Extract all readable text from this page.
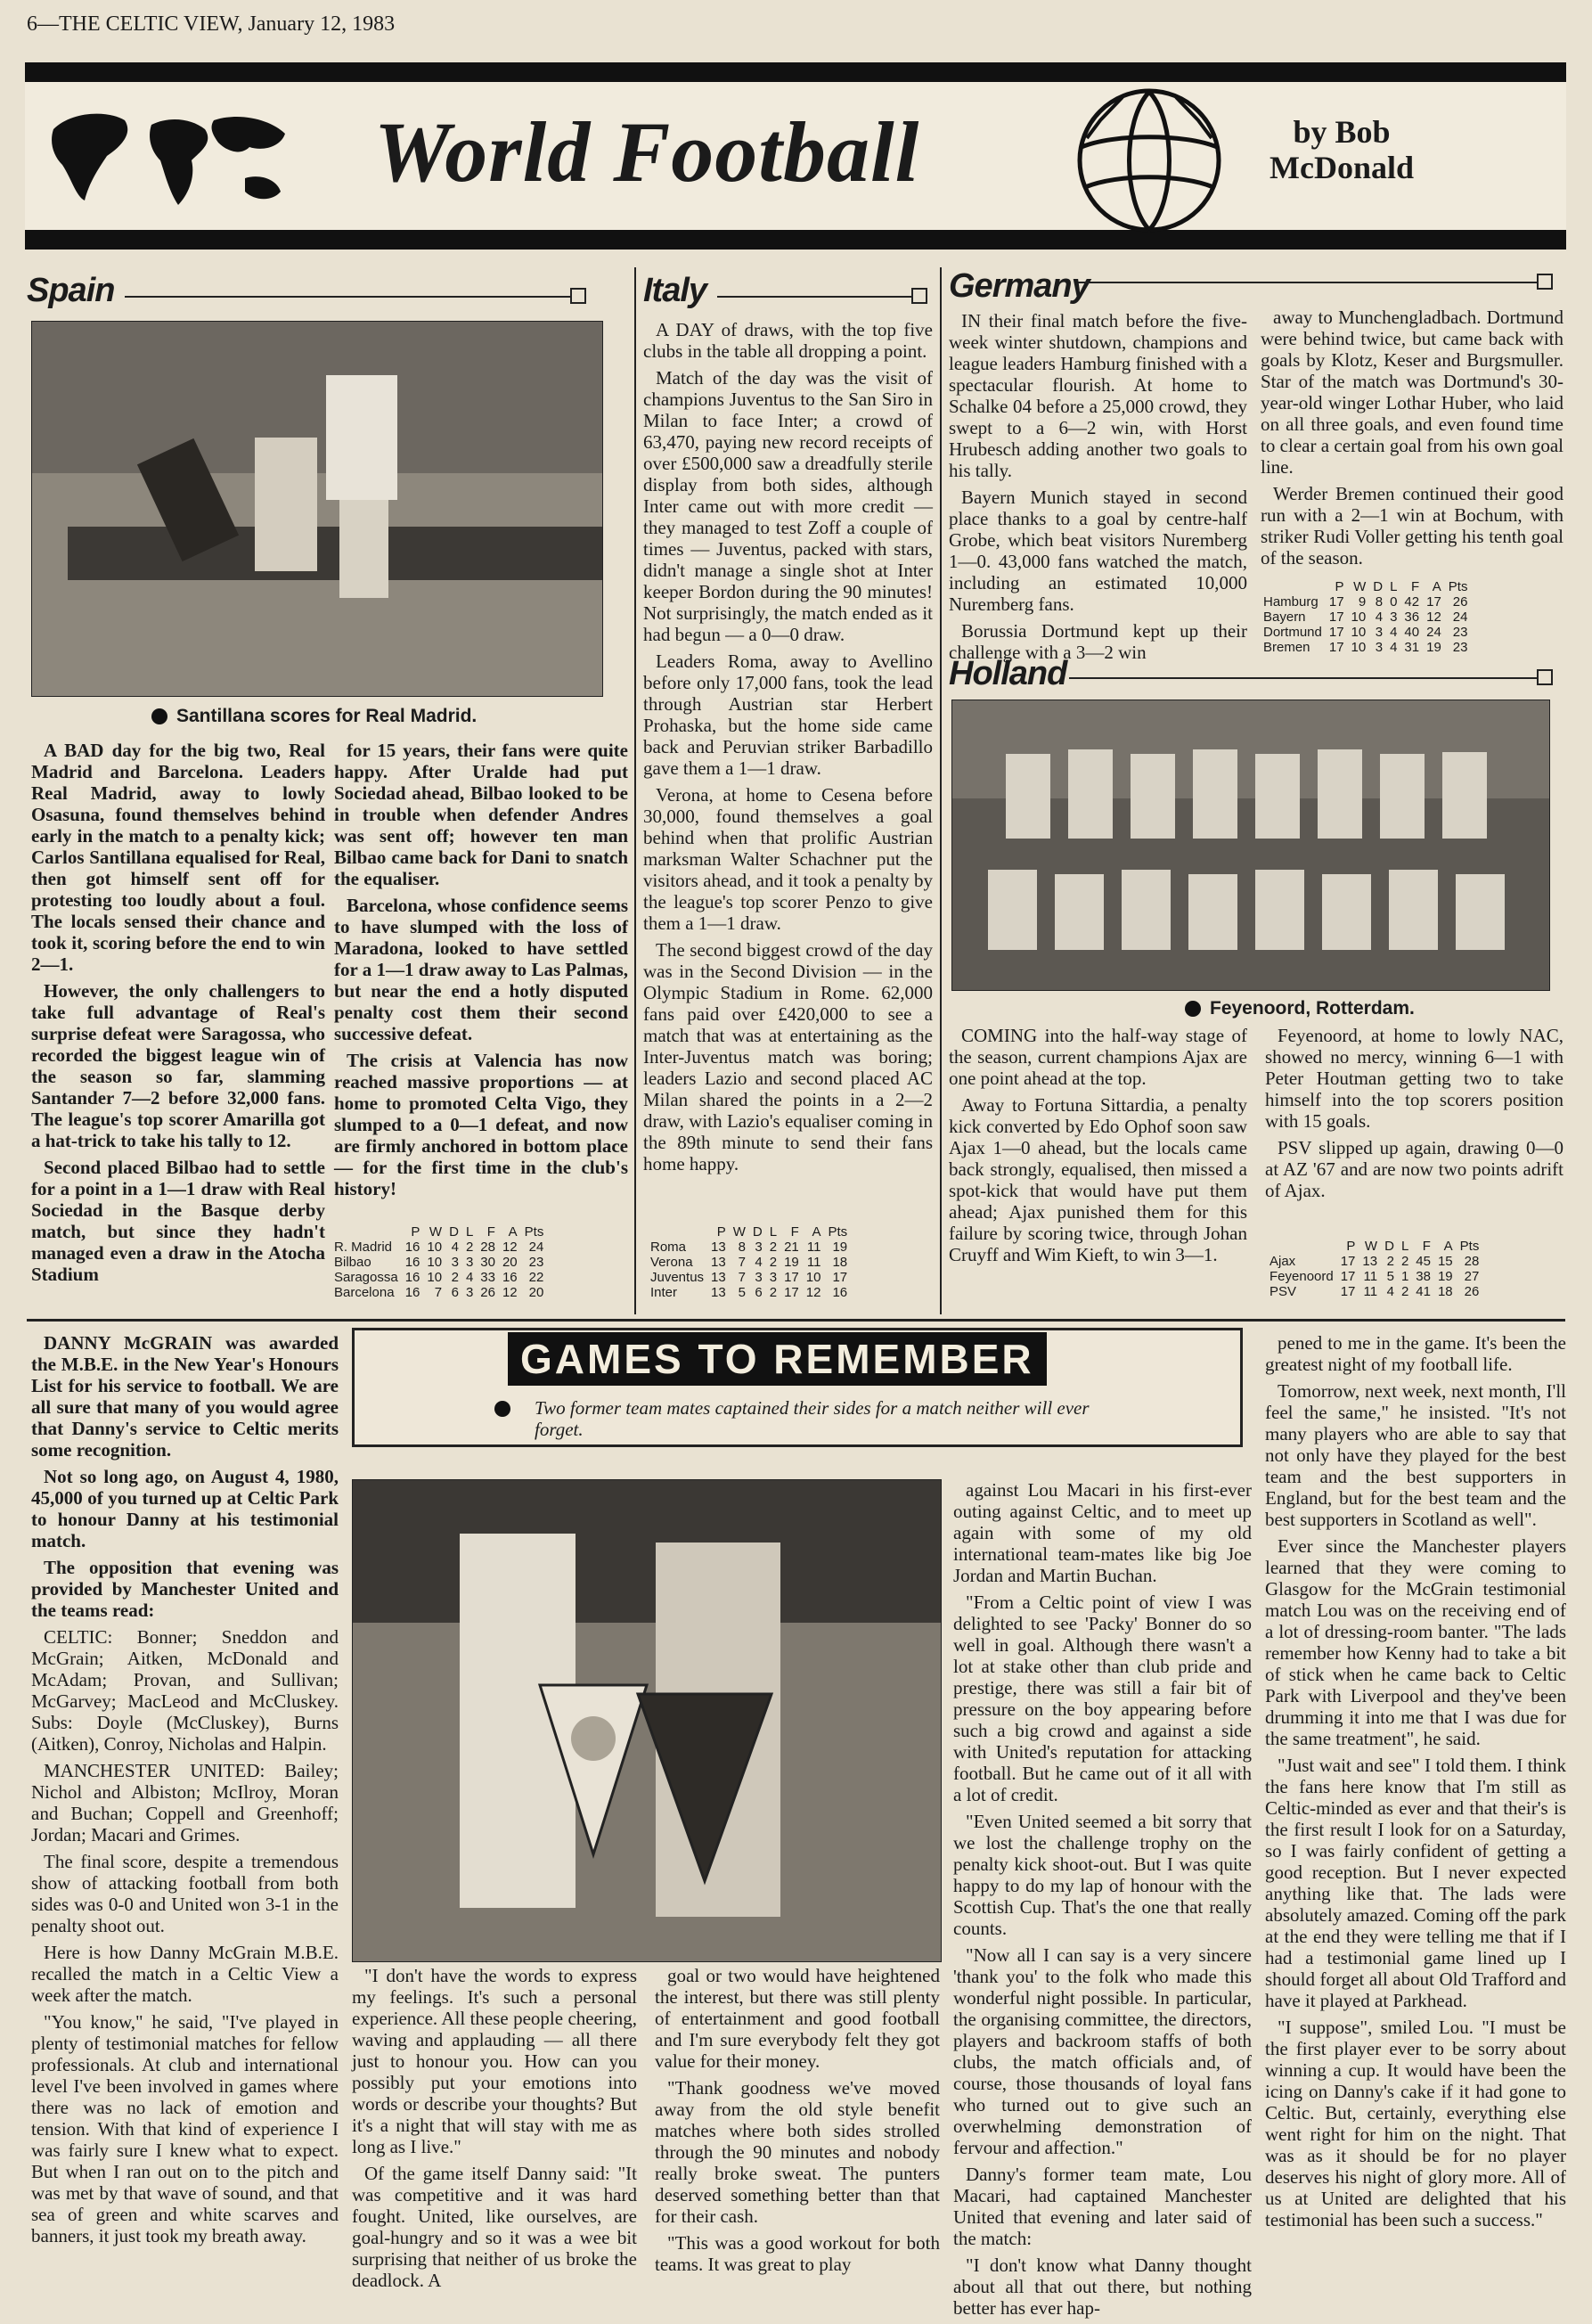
6—THE CELTIC VIEW, January 12, 1983
World Football	by Bob
McDonald
Spain
Santillana scores for Real Madrid.

A BAD day for the big two, Real Madrid and Barcelona. Leaders Real Madrid, away to lowly Osasuna, found themselves behind early in the match to a penalty kick; Carlos Santillana equalised for Real, then got himself sent off for protesting too loudly about a foul. The locals sensed their chance and took it, scoring before the end to win 2—1.

However, the only challengers to take full advantage of Real's surprise defeat were Saragossa, who recorded the biggest league win of the season so far, slamming Santander 7—2 before 32,000 fans. The league's top scorer Amarilla got a hat-trick to take his tally to 12.

Second placed Bilbao had to settle for a point in a 1—1 draw with Real Sociedad in the Basque derby match, but since they hadn't managed even a draw in the Atocha Stadium

for 15 years, their fans were quite happy. After Uralde had put Sociedad ahead, Bilbao looked to be in trouble when defender Andres was sent off; however ten man Bilbao came back for Dani to snatch the equaliser.

Barcelona, whose confidence seems to have slumped with the loss of Maradona, looked to have settled for a 1—1 draw away to Las Palmas, but near the end a hotly disputed penalty cost them their second successive defeat.

The crisis at Valencia has now reached massive proportions — at home to promoted Celta Vigo, they slumped to a 0—1 defeat, and now are firmly anchored in bottom place — for the first time in the club's history!

	P	W	D	L	F	A	Pts
R. Madrid	16	10	4	2	28	12	24
Bilbao	16	10	3	3	30	20	23
Saragossa	16	10	2	4	33	16	22
Barcelona	16	7	6	3	26	12	20
Italy

A DAY of draws, with the top five clubs in the table all dropping a point.

Match of the day was the visit of champions Juventus to the San Siro in Milan to face Inter; a crowd of 63,470, paying new record receipts of over £500,000 saw a dreadfully sterile display from both sides, although Inter came out with more credit — they managed to test Zoff a couple of times — Juventus, packed with stars, didn't manage a single shot at Inter keeper Bordon during the 90 minutes! Not surprisingly, the match ended as it had begun — a 0—0 draw.

Leaders Roma, away to Avellino before only 17,000 fans, took the lead through Austrian star Herbert Prohaska, but the home side came back and Peruvian striker Barbadillo gave them a 1—1 draw.

Verona, at home to Cesena before 30,000, found themselves a goal behind when that prolific Austrian marksman Walter Schachner put the visitors ahead, and it took a penalty by the league's top scorer Penzo to give them a 1—1 draw.

The second biggest crowd of the day was in the Second Division — in the Olympic Stadium in Rome. 62,000 fans paid over £420,000 to see a match that was at entertaining as the Inter-Juventus match was boring; leaders Lazio and second placed AC Milan shared the points in a 2—2 draw, with Lazio's equaliser coming in the 89th minute to send their fans home happy.

	P	W	D	L	F	A	Pts
Roma	13	8	3	2	21	11	19
Verona	13	7	4	2	19	11	18
Juventus	13	7	3	3	17	10	17
Inter	13	5	6	2	17	12	16
Germany

IN their final match before the five-week winter shutdown, champions and league leaders Hamburg finished with a spectacular flourish. At home to Schalke 04 before a 25,000 crowd, they swept to a 6—2 win, with Horst Hrubesch adding another two goals to his tally.

Bayern Munich stayed in second place thanks to a goal by centre-half Grobe, which beat visitors Nuremberg 1—0. 43,000 fans watched the match, including an estimated 10,000 Nuremberg fans.

Borussia Dortmund kept up their challenge with a 3—2 win

away to Munchengladbach. Dortmund were behind twice, but came back with goals by Klotz, Keser and Burgsmuller. Star of the match was Dortmund's 30-year-old winger Lothar Huber, who laid on all three goals, and even found time to clear a certain goal from his own goal line.

Werder Bremen continued their good run with a 2—1 win at Bochum, with striker Rudi Voller getting his tenth goal of the season.

	P	W	D	L	F	A	Pts
Hamburg	17	9	8	0	42	17	26
Bayern	17	10	4	3	36	12	24
Dortmund	17	10	3	4	40	24	23
Bremen	17	10	3	4	31	19	23
Holland
Feyenoord, Rotterdam.

COMING into the half-way stage of the season, current champions Ajax are one point ahead at the top.

Away to Fortuna Sittardia, a penalty kick converted by Edo Ophof soon saw Ajax 1—0 ahead, but the locals came back strongly, equalised, then missed a spot-kick that would have put them ahead; Ajax punished them for this failure by scoring twice, through Johan Cruyff and Wim Kieft, to win 3—1.

Feyenoord, at home to lowly NAC, showed no mercy, winning 6—1 with Peter Houtman getting two to take himself into the top scorers position with 15 goals.

PSV slipped up again, drawing 0—0 at AZ '67 and are now two points adrift of Ajax.

	P	W	D	L	F	A	Pts
Ajax	17	13	2	2	45	15	28
Feyenoord	17	11	5	1	38	19	27
PSV	17	11	4	2	41	18	26

DANNY McGRAIN was awarded the M.B.E. in the New Year's Honours List for his service to football. We are all sure that many of you would agree that Danny's service to Celtic merits some recognition.

Not so long ago, on August 4, 1980, 45,000 of you turned up at Celtic Park to honour Danny at his testimonial match.

The opposition that evening was provided by Manchester United and the teams read:

CELTIC: Bonner; Sneddon and McGrain; Aitken, McDonald and McAdam; Provan, and Sullivan; McGarvey; MacLeod and McCluskey. Subs: Doyle (McCluskey), Burns (Aitken), Conroy, Nicholas and Halpin.

MANCHESTER UNITED: Bailey; Nichol and Albiston; McIlroy, Moran and Buchan; Coppell and Greenhoff; Jordan; Macari and Grimes.

The final score, despite a tremendous show of attacking football from both sides was 0-0 and United won 3-1 in the penalty shoot out.

Here is how Danny McGrain M.B.E. recalled the match in a Celtic View a week after the match.

"You know," he said, "I've played in plenty of testimonial matches for fellow professionals. At club and international level I've been involved in games where there was no lack of emotion and tension. With that kind of experience I was fairly sure I knew what to expect. But when I ran out on to the pitch and was met by that wave of sound, and that sea of green and white scarves and banners, it just took my breath away.

GAMES TO REMEMBER
Two former team mates captained their sides for a match neither will ever forget.

"I don't have the words to express my feelings. It's such a personal experience. All these people cheering, waving and applauding — all there just to honour you. How can you possibly put your emotions into words or describe your thoughts? But it's a night that will stay with me as long as I live."

Of the game itself Danny said: "It was competitive and it was hard fought. United, like ourselves, are goal-hungry and so it was a wee bit surprising that neither of us broke the deadlock. A

goal or two would have heightened the interest, but there was still plenty of entertainment and good football and I'm sure everybody felt they got value for their money.

"Thank goodness we've moved away from the old style benefit matches where both sides strolled through the 90 minutes and nobody really broke sweat. The punters deserved something better than that for their cash.

"This was a good workout for both teams. It was great to play

against Lou Macari in his first-ever outing against Celtic, and to meet up again with some of my old international team-mates like big Joe Jordan and Martin Buchan.

"From a Celtic point of view I was delighted to see 'Packy' Bonner do so well in goal. Although there wasn't a lot at stake other than club pride and prestige, there was still a fair bit of pressure on the boy appearing before such a big crowd and against a side with United's reputation for attacking football. But he came out of it all with a lot of credit.

"Even United seemed a bit sorry that we lost the challenge trophy on the penalty kick shoot-out. But I was quite happy to do my lap of honour with the Scottish Cup. That's the one that really counts.

"Now all I can say is a very sincere 'thank you' to the folk who made this wonderful night possible. In particular, the organising committee, the directors, players and backroom staffs of both clubs, the match officials and, of course, those thousands of loyal fans who turned out to give such an overwhelming demonstration of fervour and affection."

Danny's former team mate, Lou Macari, had captained Manchester United that evening and later said of the match:

"I don't know what Danny thought about all that out there, but nothing better has ever hap-

pened to me in the game. It's been the greatest night of my football life.

Tomorrow, next week, next month, I'll feel the same," he insisted. "It's not many players who are able to say that not only have they played for the best team and the best supporters in England, but for the best team and the best supporters in Scotland as well".

Ever since the Manchester players learned that they were coming to Glasgow for the McGrain testimonial match Lou was on the receiving end of a lot of dressing-room banter. "The lads remember how Kenny had to take a bit of stick when he came back to Celtic Park with Liverpool and they've been drumming it into me that I was due for the same treatment", he said.

"Just wait and see" I told them. I think the fans here know that I'm still as Celtic-minded as ever and that their's is the first result I look for on a Saturday, so I was fairly confident of getting a good reception. But I never expected anything like that. The lads were absolutely amazed. Coming off the park at the end they were telling me that if I had a testimonial game lined up I should forget all about Old Trafford and have it played at Parkhead.

"I suppose", smiled Lou. "I must be the first player ever to be sorry about winning a cup. It would have been the icing on Danny's cake if it had gone to Celtic. But, certainly, everything else went right for him on the night. That was as it should be for no player deserves his night of glory more. All of us at United are delighted that his testimonial has been such a success."
